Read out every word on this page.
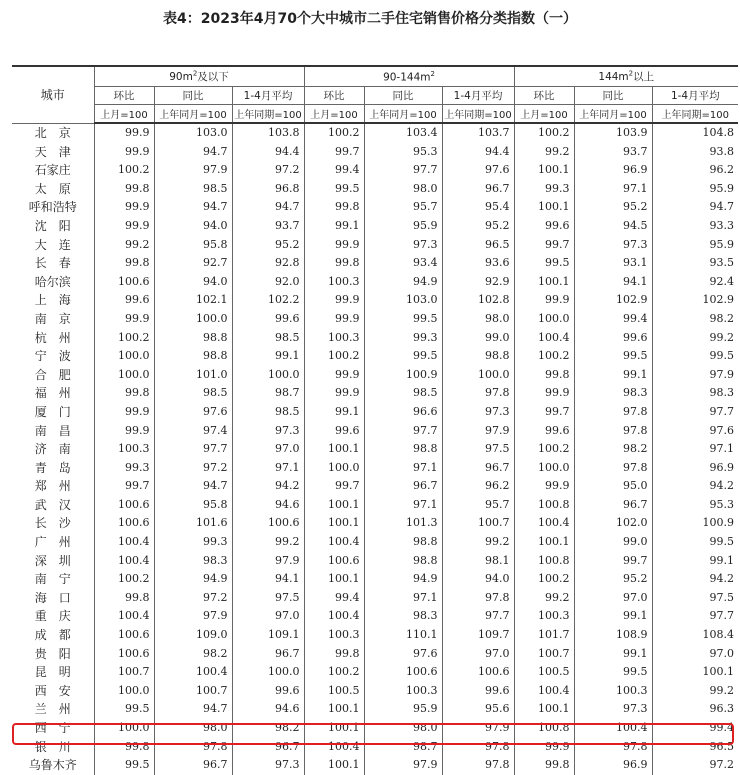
表4：2023年4月70个大中城市二手住宅销售价格分类指数（一）
城市	$90m^2$及以下			$90-144m^2$			$144m^2$以上		
	环比	同比	1-4月平均	环比	同比	1-4月平均	环比	同比	1-4月平均
	上月=100	上年同月=100	上年同期=100	上月=100	上年同月=100	上年同期=100	上月=100	上年同月=100	上年同期=100
北　京	99.9	103.0	103.8	100.2	103.4	103.7	100.2	103.9	104.8
天　津	99.9	94.7	94.4	99.7	95.3	94.4	99.2	93.7	93.8
石家庄	100.2	97.9	97.2	99.4	97.7	97.6	100.1	96.9	96.2
太　原	99.8	98.5	96.8	99.5	98.0	96.7	99.3	97.1	95.9
呼和浩特	99.9	94.7	94.7	99.8	95.7	95.4	100.1	95.2	94.7
沈　阳	99.9	94.0	93.7	99.1	95.9	95.2	99.6	94.5	93.3
大　连	99.2	95.8	95.2	99.9	97.3	96.5	99.7	97.3	95.9
长　春	99.8	92.7	92.8	99.8	93.4	93.6	99.5	93.1	93.5
哈尔滨	100.6	94.0	92.0	100.3	94.9	92.9	100.1	94.1	92.4
上　海	99.6	102.1	102.2	99.9	103.0	102.8	99.9	102.9	102.9
南　京	99.9	100.0	99.6	99.9	99.5	98.0	100.0	99.4	98.2
杭　州	100.2	98.8	98.5	100.3	99.3	99.0	100.4	99.6	99.2
宁　波	100.0	98.8	99.1	100.2	99.5	98.8	100.2	99.5	99.5
合　肥	100.0	101.0	100.0	99.9	100.9	100.0	99.8	99.1	97.9
福　州	99.8	98.5	98.7	99.9	98.5	97.8	99.9	98.3	98.3
厦　门	99.9	97.6	98.5	99.1	96.6	97.3	99.7	97.8	97.7
南　昌	99.9	97.4	97.3	99.6	97.7	97.9	99.6	97.8	97.6
济　南	100.3	97.7	97.0	100.1	98.8	97.5	100.2	98.2	97.1
青　岛	99.3	97.2	97.1	100.0	97.1	96.7	100.0	97.8	96.9
郑　州	99.7	94.7	94.2	99.7	96.7	96.2	99.9	95.0	94.2
武　汉	100.6	95.8	94.6	100.1	97.1	95.7	100.8	96.7	95.3
长　沙	100.6	101.6	100.6	100.1	101.3	100.7	100.4	102.0	100.9
广　州	100.4	99.3	99.2	100.4	98.8	99.2	100.1	99.0	99.5
深　圳	100.4	98.3	97.9	100.6	98.8	98.1	100.8	99.7	99.1
南　宁	100.2	94.9	94.1	100.1	94.9	94.0	100.2	95.2	94.2
海　口	99.8	97.2	97.5	99.4	97.1	97.8	99.2	97.0	97.5
重　庆	100.4	97.9	97.0	100.4	98.3	97.7	100.3	99.1	97.7
成　都	100.6	109.0	109.1	100.3	110.1	109.7	101.7	108.9	108.4
贵　阳	100.6	98.2	96.7	99.8	97.6	97.0	100.7	99.1	97.0
昆　明	100.7	100.4	100.0	100.2	100.6	100.6	100.5	99.5	100.1
西　安	100.0	100.7	99.6	100.5	100.3	99.6	100.4	100.3	99.2
兰　州	99.5	94.7	94.6	100.1	95.9	95.6	100.1	97.3	96.3
西　宁	100.0	98.0	98.2	100.1	98.0	97.9	100.8	100.4	99.4
银　川	99.8	97.8	96.7	100.4	98.7	97.8	99.9	97.8	96.5
乌鲁木齐	99.5	96.7	97.3	100.1	97.9	97.8	99.8	96.9	97.2
